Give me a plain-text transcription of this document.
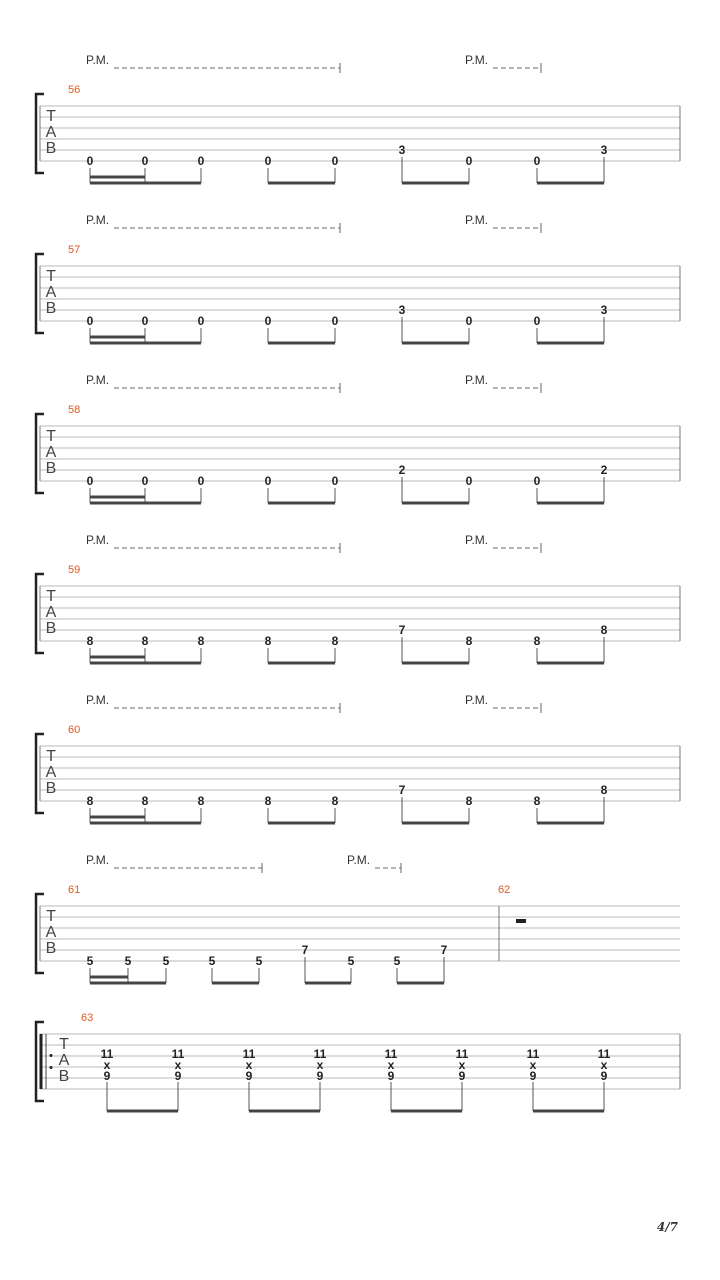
T
A
B
P.M.	P.M.
56
0	0	0	0	0
3
0	0
3
T
A
B
P.M.	P.M.
57
0	0	0	0	0
3
0	0
3
T
A
B
P.M.	P.M.
58
0	0	0	0	0
2
0	0
2
T
A
B
P.M.	P.M.
59
8	8	8	8	8
7
8	8
8
T
A
B
P.M.	P.M.
60
8	8	8	8	8
7
8	8
8
T
A
B
P.M.	P.M.
61
5	5	5	5	5
7
5	5
7
62
T
A
B
63
11
x
9
11
x
9
11
x
9
11
x
9
11
x
9
11
x
9
11
x
9
11
x
9
4/7
